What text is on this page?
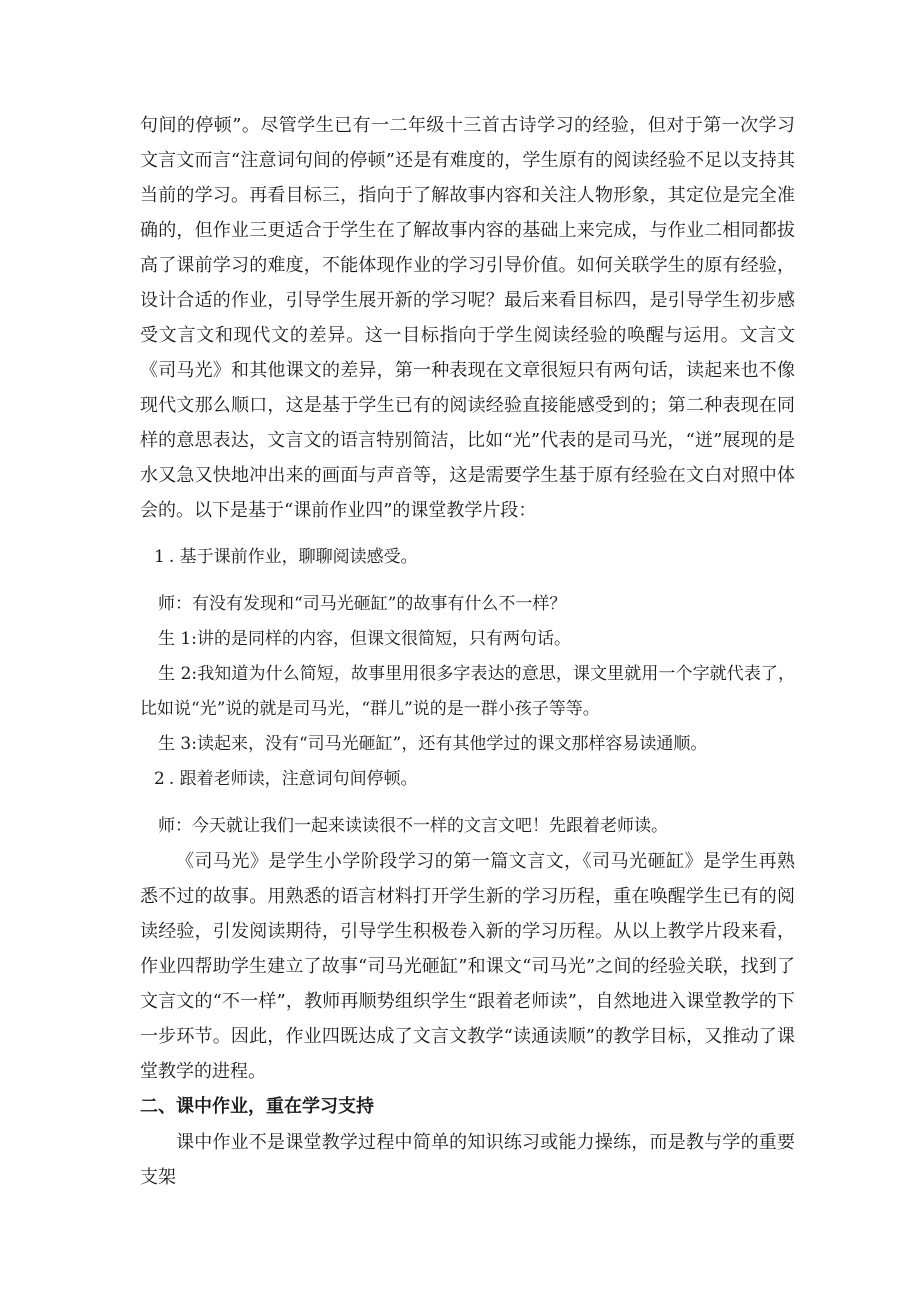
句间的停顿”。尽管学生已有一二年级十三首古诗学习的经验，但对于第一次学习文言文而言“注意词句间的停顿”还是有难度的，学生原有的阅读经验不足以支持其当前的学习。再看目标三，指向于了解故事内容和关注人物形象，其定位是完全准确的，但作业三更适合于学生在了解故事内容的基础上来完成，与作业二相同都拔高了课前学习的难度，不能体现作业的学习引导价值。如何关联学生的原有经验，设计合适的作业，引导学生展开新的学习呢？最后来看目标四，是引导学生初步感受文言文和现代文的差异。这一目标指向于学生阅读经验的唤醒与运用。文言文《司马光》和其他课文的差异，第一种表现在文章很短只有两句话，读起来也不像现代文那么顺口，这是基于学生已有的阅读经验直接能感受到的；第二种表现在同样的意思表达，文言文的语言特别简洁，比如“光”代表的是司马光，“迸”展现的是水又急又快地冲出来的画面与声音等，这是需要学生基于原有经验在文白对照中体会的。以下是基于“课前作业四”的课堂教学片段：

1 . 基于课前作业，聊聊阅读感受。

师：有没有发现和“司马光砸缸”的故事有什么不一样？

生 1:讲的是同样的内容，但课文很简短，只有两句话。

生 2:我知道为什么简短，故事里用很多字表达的意思，课文里就用一个字就代表了，比如说“光”说的就是司马光，“群儿”说的是一群小孩子等等。

生 3:读起来，没有“司马光砸缸”，还有其他学过的课文那样容易读通顺。

2 . 跟着老师读，注意词句间停顿。

师：今天就让我们一起来读读很不一样的文言文吧！先跟着老师读。

《司马光》是学生小学阶段学习的第一篇文言文，《司马光砸缸》是学生再熟悉不过的故事。用熟悉的语言材料打开学生新的学习历程，重在唤醒学生已有的阅读经验，引发阅读期待，引导学生积极卷入新的学习历程。从以上教学片段来看，作业四帮助学生建立了故事“司马光砸缸”和课文“司马光”之间的经验关联，找到了文言文的“不一样”，教师再顺势组织学生“跟着老师读”，自然地进入课堂教学的下一步环节。因此，作业四既达成了文言文教学“读通读顺”的教学目标，又推动了课堂教学的进程。

二、课中作业，重在学习支持

课中作业不是课堂教学过程中简单的知识练习或能力操练，而是教与学的重要支架
